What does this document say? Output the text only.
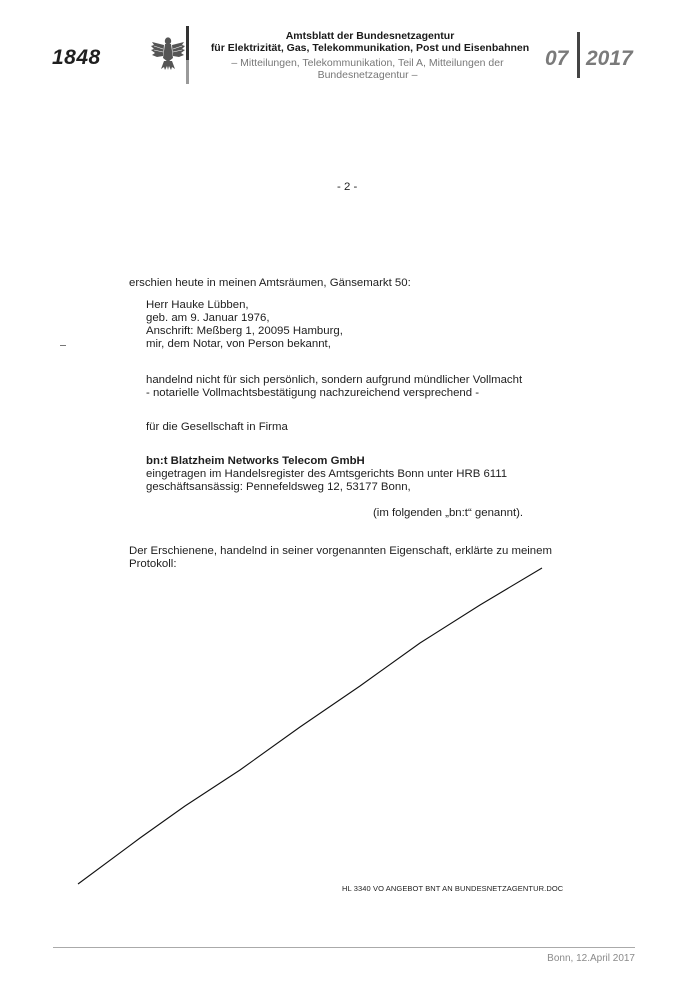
1848
Amtsblatt der Bundesnetzagentur
für Elektrizität, Gas, Telekommunikation, Post und Eisenbahnen
– Mitteilungen, Telekommunikation, Teil A, Mitteilungen der Bundesnetzagentur –
07 2017
- 2 -
erschien heute in meinen Amtsräumen, Gänsemarkt 50:
Herr Hauke Lübben,
geb. am 9. Januar 1976,
Anschrift: Meßberg 1, 20095 Hamburg,
mir, dem Notar, von Person bekannt,
handelnd nicht für sich persönlich, sondern aufgrund mündlicher Vollmacht
- notarielle Vollmachtsbestätigung nachzureichend versprechend -
für die Gesellschaft in Firma
bn:t Blatzheim Networks Telecom GmbH
eingetragen im Handelsregister des Amtsgerichts Bonn unter HRB 6111
geschäftsansässig: Pennefeldsweg 12, 53177 Bonn,
(im folgenden „bn:t“ genannt).
Der Erschienene, handelnd in seiner vorgenannten Eigenschaft, erklärte zu meinem
Protokoll:
HL 3340 VO ANGEBOT BNT AN BUNDESNETZAGENTUR.DOC
Bonn, 12.April 2017
